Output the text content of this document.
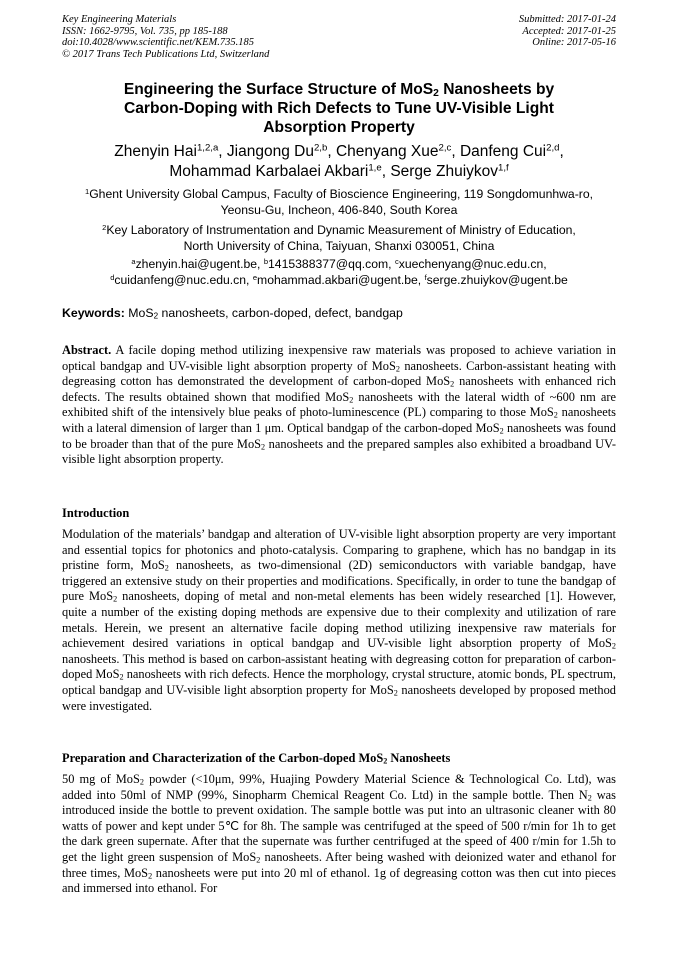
Key Engineering Materials
ISSN: 1662-9795, Vol. 735, pp 185-188
doi:10.4028/www.scientific.net/KEM.735.185
© 2017 Trans Tech Publications Ltd, Switzerland
Submitted: 2017-01-24
Accepted: 2017-01-25
Online: 2017-05-16
Engineering the Surface Structure of MoS$_2$ Nanosheets by Carbon-Doping with Rich Defects to Tune UV-Visible Light Absorption Property
Zhenyin Hai$^{1,2,a}$, Jiangong Du$^{2,b}$, Chenyang Xue$^{2,c}$, Danfeng Cui$^{2,d}$,
Mohammad Karbalaei Akbari$^{1,e}$, Serge Zhuiykov$^{1,f}$
$^1$Ghent University Global Campus, Faculty of Bioscience Engineering, 119 Songdomunhwa-ro,
Yeonsu-Gu, Incheon, 406-840, South Korea
$^2$Key Laboratory of Instrumentation and Dynamic Measurement of Ministry of Education,
North University of China, Taiyuan, Shanxi 030051, China
$^a$zhenyin.hai@ugent.be, $^b$1415388377@qq.com, $^c$xuechenyang@nuc.edu.cn,
$^d$cuidanfeng@nuc.edu.cn, $^e$mohammad.akbari@ugent.be, $^f$serge.zhuiykov@ugent.be
Keywords: MoS$_2$ nanosheets, carbon-doped, defect, bandgap
Abstract. A facile doping method utilizing inexpensive raw materials was proposed to achieve variation in optical bandgap and UV-visible light absorption property of MoS$_2$ nanosheets. Carbon-assistant heating with degreasing cotton has demonstrated the development of carbon-doped MoS$_2$ nanosheets with enhanced rich defects. The results obtained shown that modified MoS$_2$ nanosheets with the lateral width of ~600 nm are exhibited shift of the intensively blue peaks of photo-luminescence (PL) comparing to those MoS$_2$ nanosheets with a lateral dimension of larger than 1 μm. Optical bandgap of the carbon-doped MoS$_2$ nanosheets was found to be broader than that of the pure MoS$_2$ nanosheets and the prepared samples also exhibited a broadband UV-visible light absorption property.
Introduction
Modulation of the materials’ bandgap and alteration of UV-visible light absorption property are very important and essential topics for photonics and photo-catalysis. Comparing to graphene, which has no bandgap in its pristine form, MoS$_2$ nanosheets, as two-dimensional (2D) semiconductors with variable bandgap, have triggered an extensive study on their properties and modifications. Specifically, in order to tune the bandgap of pure MoS$_2$ nanosheets, doping of metal and non-metal elements has been widely researched [1]. However, quite a number of the existing doping methods are expensive due to their complexity and utilization of rare metals. Herein, we present an alternative facile doping method utilizing inexpensive raw materials for achievement desired variations in optical bandgap and UV-visible light absorption property of MoS$_2$ nanosheets. This method is based on carbon-assistant heating with degreasing cotton for preparation of carbon-doped MoS$_2$ nanosheets with rich defects. Hence the morphology, crystal structure, atomic bonds, PL spectrum, optical bandgap and UV-visible light absorption property for MoS$_2$ nanosheets developed by proposed method were investigated.
Preparation and Characterization of the Carbon-doped MoS$_2$ Nanosheets
50 mg of MoS$_2$ powder (<10μm, 99%, Huajing Powdery Material Science & Technological Co. Ltd), was added into 50ml of NMP (99%, Sinopharm Chemical Reagent Co. Ltd) in the sample bottle. Then $N_2$ was introduced inside the bottle to prevent oxidation. The sample bottle was put into an ultrasonic cleaner with 80 watts of power and kept under 5℃ for 8h. The sample was centrifuged at the speed of 500 r/min for 1h to get the dark green supernate. After that the supernate was further centrifuged at the speed of 400 r/min for 1.5h to get the light green suspension of MoS$_2$ nanosheets. After being washed with deionized water and ethanol for three times, MoS$_2$ nanosheets were put into 20 ml of ethanol. 1g of degreasing cotton was then cut into pieces and immersed into ethanol. For
